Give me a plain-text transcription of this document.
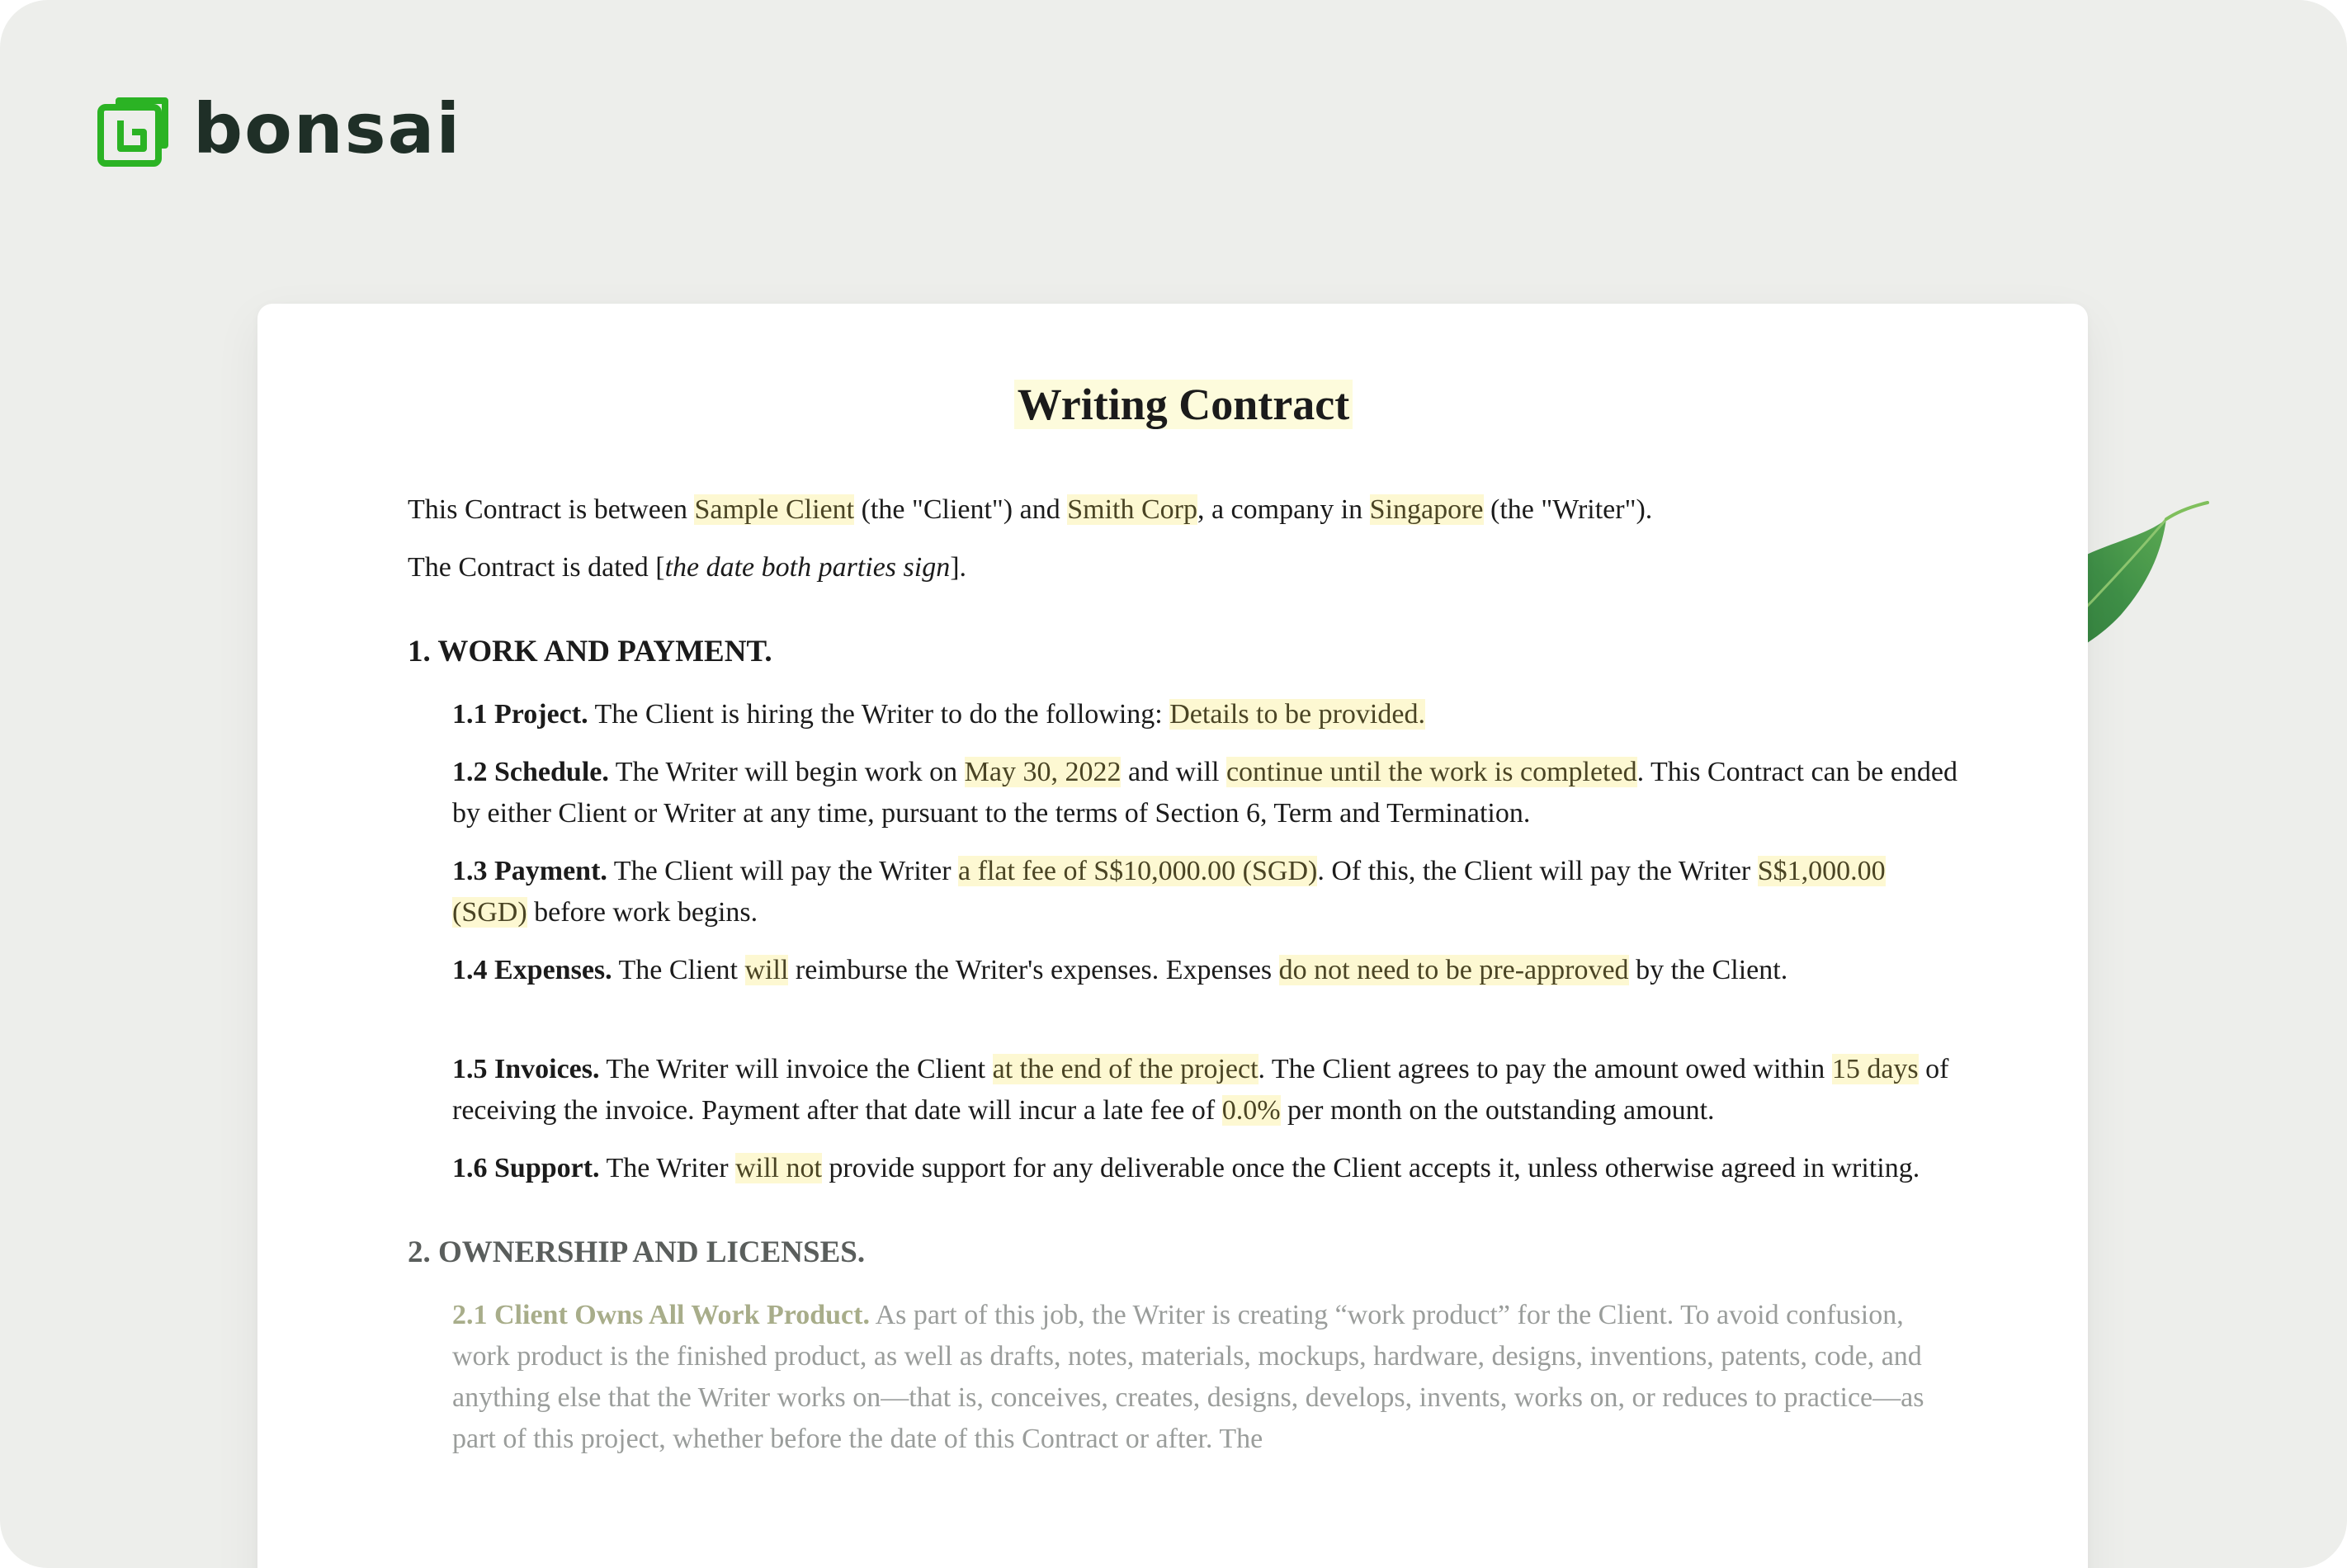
bonsai
Writing Contract

This Contract is between Sample Client (the "Client") and Smith Corp, a company in Singapore (the "Writer").

The Contract is dated [the date both parties sign].

1. WORK AND PAYMENT.

1.1 Project. The Client is hiring the Writer to do the following: Details to be provided.

1.2 Schedule. The Writer will begin work on May 30, 2022 and will continue until the work is completed. This Contract can be ended by either Client or Writer at any time, pursuant to the terms of Section 6, Term and Termination.

1.3 Payment. The Client will pay the Writer a flat fee of S$10,000.00 (SGD). Of this, the Client will pay the Writer S$1,000.00 (SGD) before work begins.

1.4 Expenses. The Client will reimburse the Writer's expenses. Expenses do not need to be pre-approved by the Client.

1.5 Invoices. The Writer will invoice the Client at the end of the project. The Client agrees to pay the amount owed within 15 days of receiving the invoice. Payment after that date will incur a late fee of 0.0% per month on the outstanding amount.

1.6 Support. The Writer will not provide support for any deliverable once the Client accepts it, unless otherwise agreed in writing.

2. OWNERSHIP AND LICENSES.

2.1 Client Owns All Work Product. As part of this job, the Writer is creating “work product” for the Client. To avoid confusion, work product is the finished product, as well as drafts, notes, materials, mockups, hardware, designs, inventions, patents, code, and anything else that the Writer works on—that is, conceives, creates, designs, develops, invents, works on, or reduces to practice—as part of this project, whether before the date of this Contract or after. The
